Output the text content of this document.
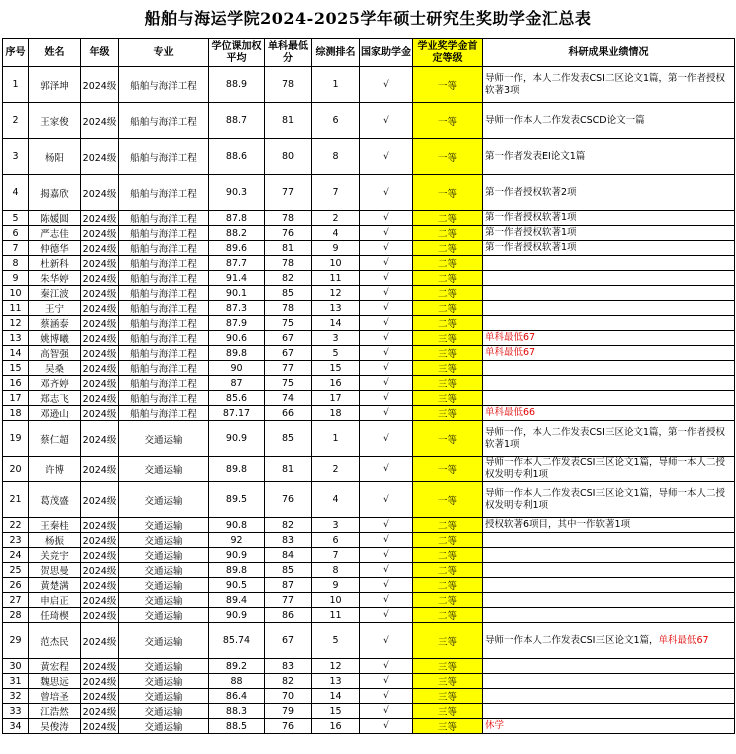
船舶与海运学院2024-2025学年硕士研究生奖助学金汇总表
序号	姓名	年级	专业	学位课加权平均	单科最低分	综测排名	国家助学金	学业奖学金首定等级	科研成果业绩情况
1	郭泽坤	2024级	船舶与海洋工程	88.9	78	1	√	一等	导师一作，本人二作发表CSI二区论文1篇，第一作者授权软著3项
2	王家俊	2024级	船舶与海洋工程	88.7	81	6	√	一等	导师一作本人二作发表CSCD论文一篇
3	杨阳	2024级	船舶与海洋工程	88.6	80	8	√	一等	第一作者发表EI论文1篇
4	揭嘉欣	2024级	船舶与海洋工程	90.3	77	7	√	一等	第一作者授权软著2项
5	陈媛圆	2024级	船舶与海洋工程	87.8	78	2	√	二等	第一作者授权软著1项
6	严志佳	2024级	船舶与海洋工程	88.2	76	4	√	二等	第一作者授权软著1项
7	仲德华	2024级	船舶与海洋工程	89.6	81	9	√	二等	第一作者授权软著1项
8	杜新科	2024级	船舶与海洋工程	87.7	78	10	√	二等	
9	朱华婷	2024级	船舶与海洋工程	91.4	82	11	√	二等	
10	秦江波	2024级	船舶与海洋工程	90.1	85	12	√	二等	
11	王宁	2024级	船舶与海洋工程	87.3	78	13	√	二等	
12	蔡涵泰	2024级	船舶与海洋工程	87.9	75	14	√	二等	
13	姚博曦	2024级	船舶与海洋工程	90.6	67	3	√	三等	单科最低67
14	高智强	2024级	船舶与海洋工程	89.8	67	5	√	三等	单科最低67
15	吴桑	2024级	船舶与海洋工程	90	77	15	√	三等	
16	邓齐婷	2024级	船舶与海洋工程	87	75	16	√	三等	
17	郑志飞	2024级	船舶与海洋工程	85.6	74	17	√	三等	
18	邓逊山	2024级	船舶与海洋工程	87.17	66	18	√	三等	单科最低66
19	蔡仁超	2024级	交通运输	90.9	85	1	√	一等	导师一作，本人二作发表CSI三区论文1篇，第一作者授权软著1项
20	许博	2024级	交通运输	89.8	81	2	√	一等	导师一作本人二作发表CSI三区论文1篇，导师一本人二授权发明专利1项
21	葛茂盛	2024级	交通运输	89.5	76	4	√	一等	导师一作本人二作发表CSI三区论文1篇，导师一本人二授权发明专利1项
22	王秦桂	2024级	交通运输	90.8	82	3	√	二等	授权软著6项目，其中一作软著1项
23	杨振	2024级	交通运输	92	83	6	√	二等	
24	关竞宇	2024级	交通运输	90.9	84	7	√	二等	
25	贺思曼	2024级	交通运输	89.8	85	8	√	二等	
26	黄楚满	2024级	交通运输	90.5	87	9	√	二等	
27	申启正	2024级	交通运输	89.4	77	10	√	二等	
28	任琦楔	2024级	交通运输	90.9	86	11	√	二等	
29	范杰民	2024级	交通运输	85.74	67	5	√	三等	导师一作本人二作发表CSI三区论文1篇，单科最低67
30	黄宏程	2024级	交通运输	89.2	83	12	√	三等	
31	魏思远	2024级	交通运输	88	82	13	√	三等	
32	曾培圣	2024级	交通运输	86.4	70	14	√	三等	
33	江浩然	2024级	交通运输	88.3	79	15	√	三等	
34	吴俊涛	2024级	交通运输	88.5	76	16	√	三等	休学
